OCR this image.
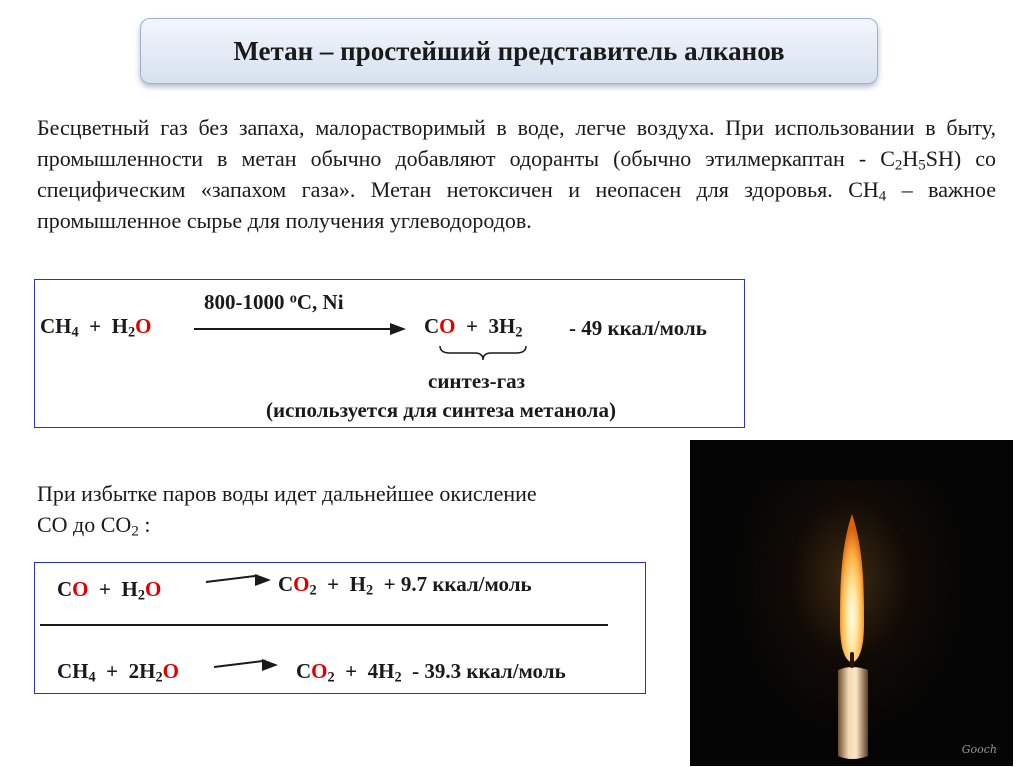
Метан – простейший представитель алканов
Бесцветный газ без запаха, малорастворимый в воде, легче воздуха. При использовании в быту, промышленности в метан обычно добавляют одоранты (обычно этилмеркаптан - $C_2H_5SH$) со специфическим «запахом газа». Метан нетоксичен и неопасен для здоровья. $CH_4$ – важное промышленное сырье для получения углеводородов.
$CH_4 + H_2O$
800-1000 $^o$C, Ni
CO + $3H_2 - 49$ ккал/моль
синтез-газ
(используется для синтеза метанола)
При избытке паров воды идет дальнейшее окисление
CO до $CO_2$ :
CO + $H_2O$	$CO_2 + H_2 + 9.7$ ккал/моль
$CH_4 + 2H_2O$	$CO_2 + 4H_2 - 39.3$ ккал/моль
Gooch
